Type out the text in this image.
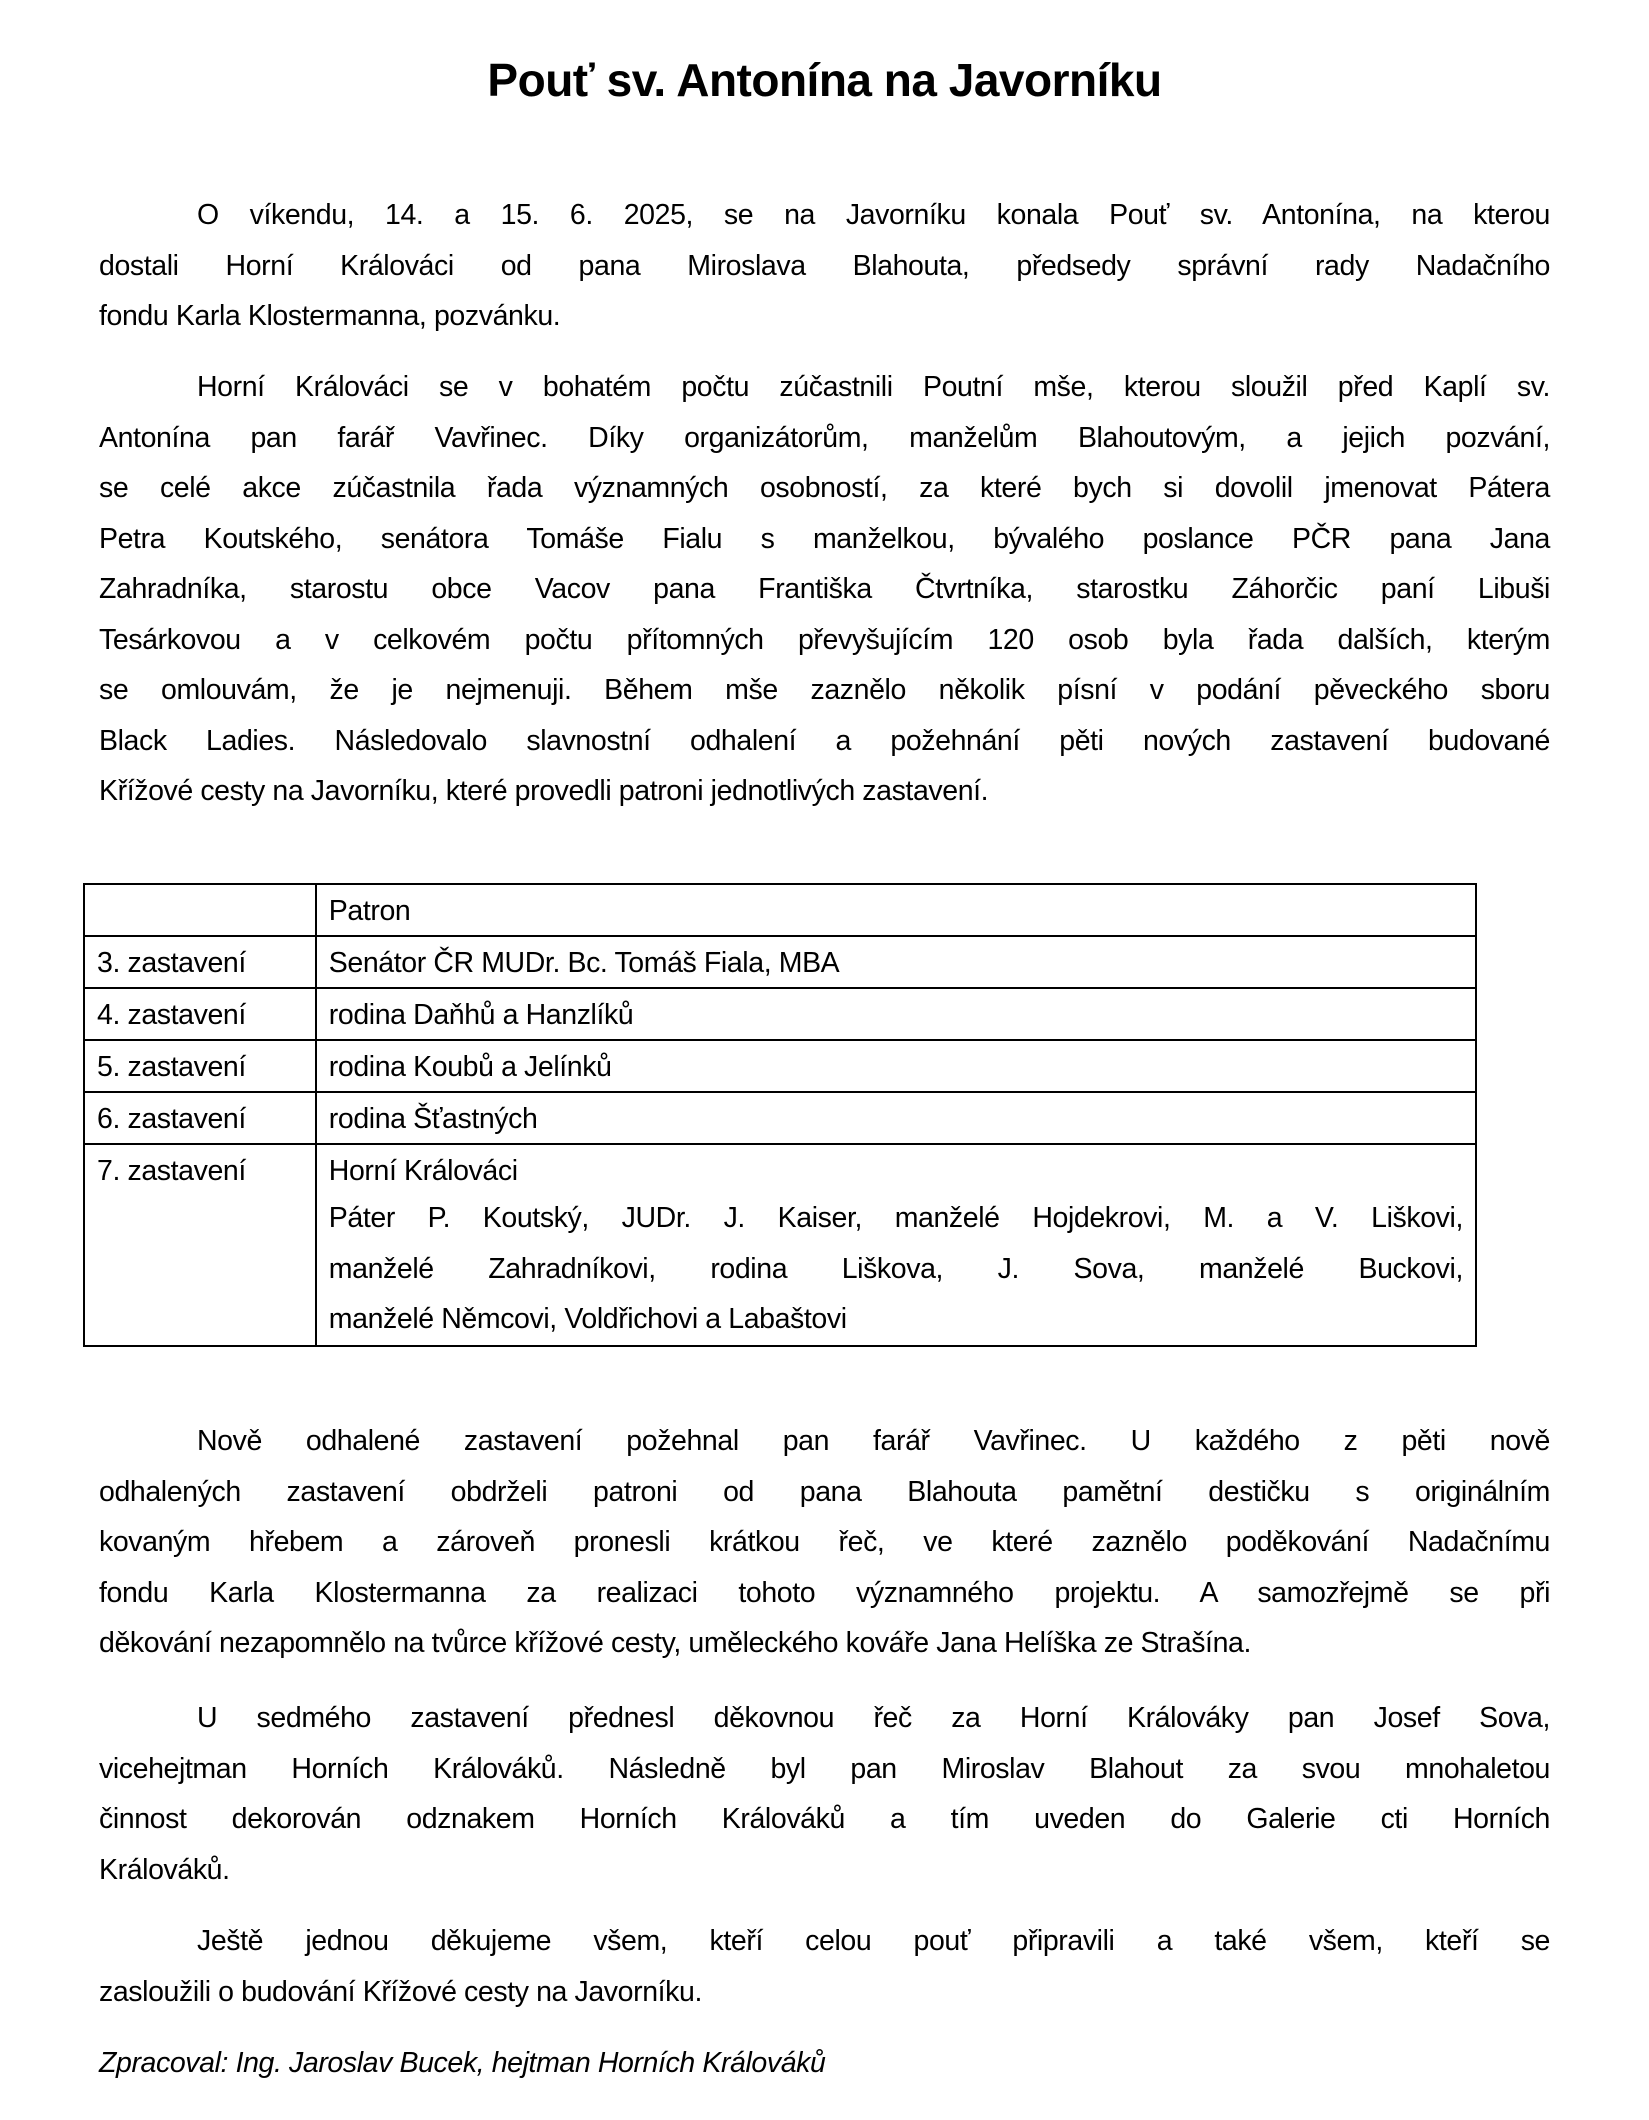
Pouť sv. Antonína na Javorníku
O víkendu, 14. a 15. 6. 2025, se na Javorníku konala Pouť sv. Antonína, na kterou
dostali Horní Králováci od pana Miroslava Blahouta, předsedy správní rady Nadačního
fondu Karla Klostermanna, pozvánku.
Horní Králováci se v bohatém počtu zúčastnili Poutní mše, kterou sloužil před Kaplí sv.
Antonína pan farář Vavřinec. Díky organizátorům, manželům Blahoutovým, a jejich pozvání,
se celé akce zúčastnila řada významných osobností, za které bych si dovolil jmenovat Pátera
Petra Koutského, senátora Tomáše Fialu s manželkou, bývalého poslance PČR pana Jana
Zahradníka, starostu obce Vacov pana Františka Čtvrtníka, starostku Záhorčic paní Libuši
Tesárkovou a v celkovém počtu přítomných převyšujícím 120 osob byla řada dalších, kterým
se omlouvám, že je nejmenuji. Během mše zaznělo několik písní v podání pěveckého sboru
Black Ladies. Následovalo slavnostní odhalení a požehnání pěti nových zastavení budované
Křížové cesty na Javorníku, které provedli patroni jednotlivých zastavení.
	Patron
3. zastavení	Senátor ČR MUDr. Bc. Tomáš Fiala, MBA

4. zastavení	rodina Daňhů a Hanzlíků

5. zastavení	rodina Koubů a Jelínků

6. zastavení	rodina Šťastných

7. zastavení	Horní Králováci
Páter P. Koutský, JUDr. J. Kaiser, manželé Hojdekrovi, M. a V. Liškovi,
manželé Zahradníkovi, rodina Liškova, J. Sova, manželé Buckovi,
manželé Němcovi, Voldřichovi a Labaštovi
Nově odhalené zastavení požehnal pan farář Vavřinec. U každého z pěti nově
odhalených zastavení obdrželi patroni od pana Blahouta pamětní destičku s originálním
kovaným hřebem a zároveň pronesli krátkou řeč, ve které zaznělo poděkování Nadačnímu
fondu Karla Klostermanna za realizaci tohoto významného projektu. A samozřejmě se při
děkování nezapomnělo na tvůrce křížové cesty, uměleckého kováře Jana Helíška ze Strašína.
U sedmého zastavení přednesl děkovnou řeč za Horní Králováky pan Josef Sova,
vicehejtman Horních Králováků. Následně byl pan Miroslav Blahout za svou mnohaletou
činnost dekorován odznakem Horních Králováků a tím uveden do Galerie cti Horních
Králováků.
Ještě jednou děkujeme všem, kteří celou pouť připravili a také všem, kteří se
zasloužili o budování Křížové cesty na Javorníku.
Zpracoval: Ing. Jaroslav Bucek, hejtman Horních Králováků
